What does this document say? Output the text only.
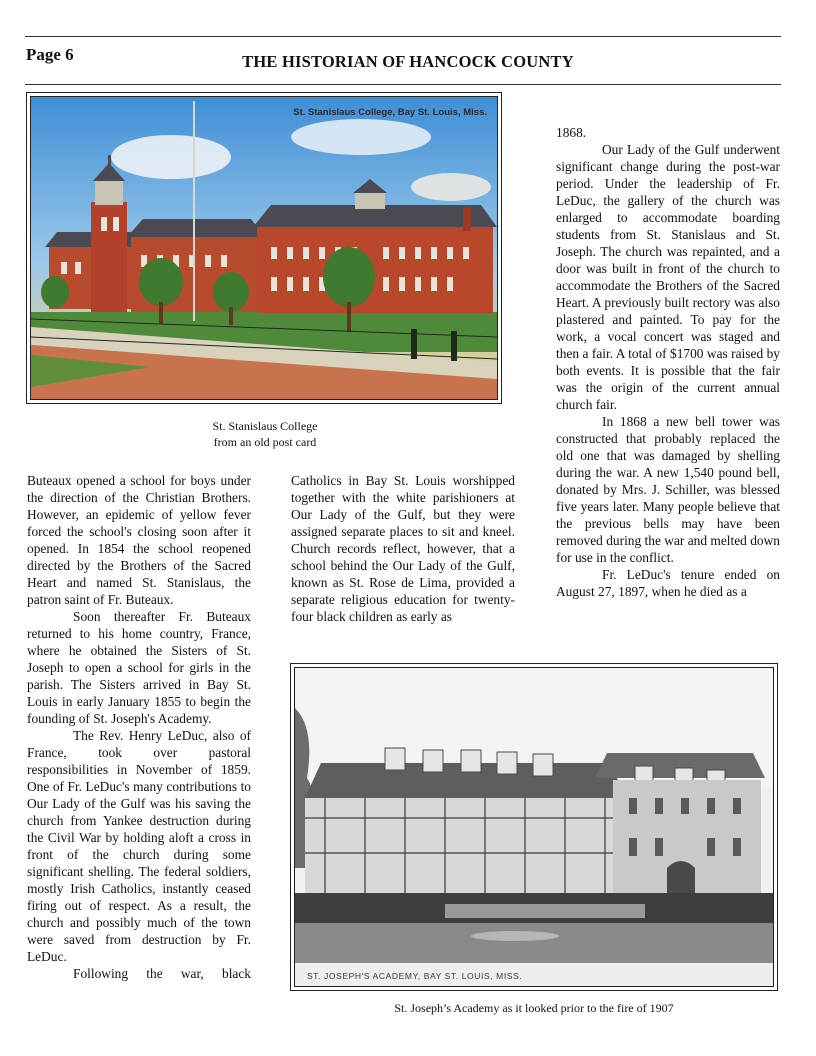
Page 6	THE HISTORIAN OF HANCOCK COUNTY
St. Stanislaus College, Bay St. Louis, Miss.
St. Stanislaus College
from an old post card

Buteaux opened a school for boys under the direction of the Christian Brothers. However, an epidemic of yellow fever forced the school's closing soon after it opened. In 1854 the school reopened directed by the Brothers of the Sacred Heart and named St. Stanislaus, the patron saint of Fr. Buteaux.

Soon thereafter Fr. Buteaux returned to his home country, France, where he obtained the Sisters of St. Joseph to open a school for girls in the parish. The Sisters arrived in Bay St. Louis in early January 1855 to begin the founding of St. Joseph's Academy.

The Rev. Henry LeDuc, also of France, took over pastoral responsibilities in November of 1859. One of Fr. LeDuc's many contributions to Our Lady of the Gulf was his saving the church from Yankee destruction during the Civil War by holding aloft a cross in front of the church during some significant shelling. The federal soldiers, mostly Irish Catholics, instantly ceased firing out of respect. As a result, the church and possibly much of the town were saved from destruction by Fr. LeDuc.

Following the war, black

Catholics in Bay St. Louis worshipped together with the white parishioners at Our Lady of the Gulf, but they were assigned separate places to sit and kneel. Church records reflect, however, that a school behind the Our Lady of the Gulf, known as St. Rose de Lima, provided a separate religious education for twenty-four black children as early as

1868.

Our Lady of the Gulf underwent significant change during the post-war period. Under the leadership of Fr. LeDuc, the gallery of the church was enlarged to accommodate boarding students from St. Stanislaus and St. Joseph. The church was repainted, and a door was built in front of the church to accommodate the Brothers of the Sacred Heart. A previously built rectory was also plastered and painted. To pay for the work, a vocal concert was staged and then a fair. A total of $1700 was raised by both events. It is possible that the fair was the origin of the current annual church fair.

In 1868 a new bell tower was constructed that probably replaced the old one that was damaged by shelling during the war. A new 1,540 pound bell, donated by Mrs. J. Schiller, was blessed five years later. Many people believe that the previous bells may have been removed during the war and melted down for use in the conflict.

Fr. LeDuc's tenure ended on August 27, 1897, when he died as a

ST. JOSEPH'S ACADEMY, BAY ST. LOUIS, MISS.
St. Joseph’s Academy as it looked prior to the fire of 1907
